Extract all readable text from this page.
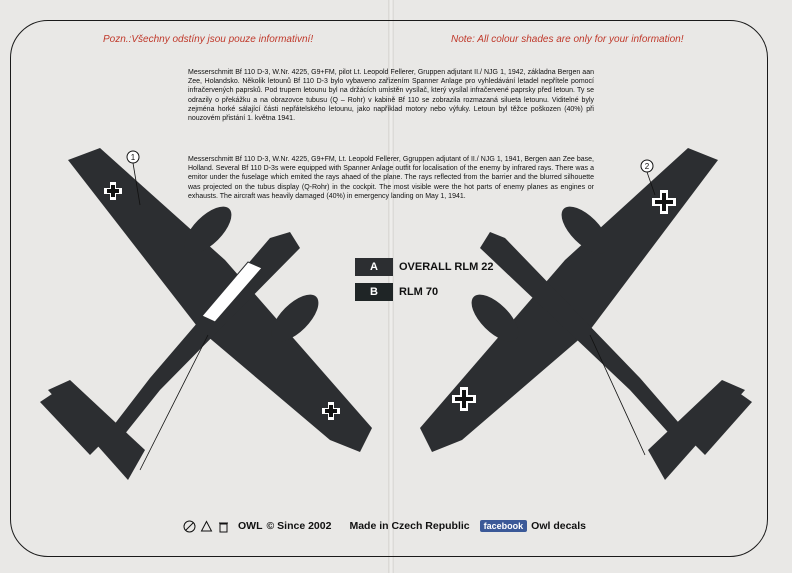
Pozn.:Všechny odstíny jsou pouze informativní!	Note: All colour shades are only for your information!
Messerschmitt Bf 110 D-3, W.Nr. 4225, G9+FM, pilot Lt. Leopold Fellerer, Gruppen adjutant II./ NJG 1, 1942, základna Bergen aan Zee, Holandsko. Několik letounů Bf 110 D-3 bylo vybaveno zařízením Spanner Anlage pro vyhledávání letadel nepřítele pomocí infračervených paprsků. Pod trupem letounu byl na držácích umístěn vysílač, který vysílal infračervené paprsky před letoun. Ty se odrazily o překážku a na obrazovce tubusu (Q – Rohr) v kabině Bf 110 se zobrazila rozmazaná silueta letounu. Viditelné byly zejména horké sálající části nepřátelského letounu, jako například motory nebo výfuky. Letoun byl těžce poškozen (40%) při nouzovém přistání 1. května 1941.
Messerschmitt Bf 110 D-3, W.Nr. 4225, G9+FM, Lt. Leopold Fellerer, Ggruppen adjutant of II./ NJG 1, 1941, Bergen aan Zee base, Holland. Several Bf 110 D-3s were equipped with Spanner Anlage outfit for localisation of the enemy by infrared rays. There was a emitor under the fuselage which emited the rays ahaed of the plane. The rays reflected from the barrier and the blurred silhouette was projected on the tubus display (Q-Rohr) in the cockpit. The most visible were the hot parts of enemy planes as engines or exhausts. The aircraft was heavily damaged (40%) in emergency landing on May 1, 1941.
1
2
A	OVERALL RLM 22
B	RLM 70
OWL © Since 2002 Made in Czech Republic	facebook Owl decals
